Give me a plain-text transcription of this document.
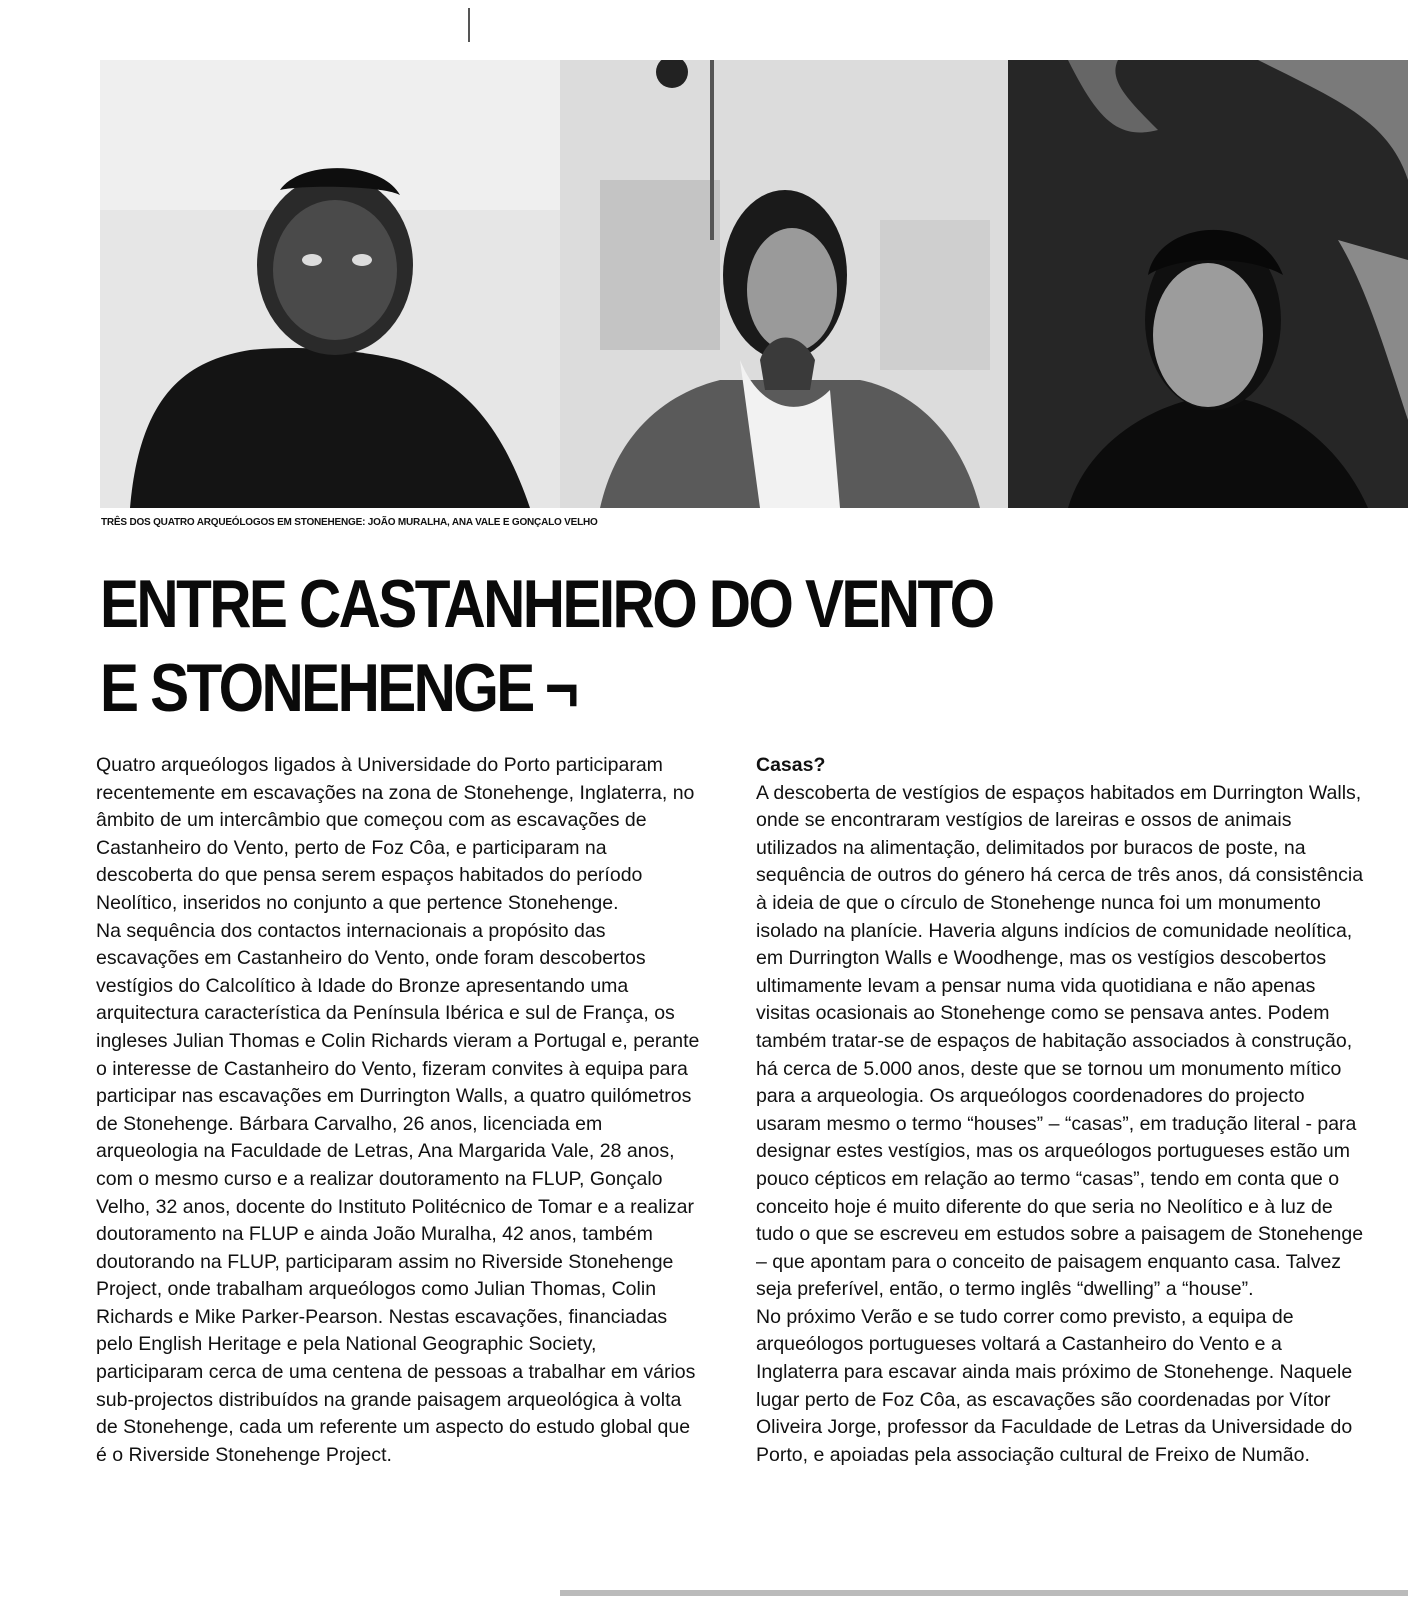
TRÊS DOS QUATRO ARQUEÓLOGOS EM STONEHENGE: JOÃO MURALHA, ANA VALE E GONÇALO VELHO
ENTRE CASTANHEIRO DO VENTO
E STONEHENGE ¬

Quatro arqueólogos ligados à Universidade do Porto participaram recentemente em escavações na zona de Stonehenge, Inglaterra, no âmbito de um intercâmbio que começou com as escavações de Castanheiro do Vento, perto de Foz Côa, e participaram na descoberta do que pensa serem espaços habitados do período Neolítico, inseridos no conjunto a que pertence Stonehenge.

Na sequência dos contactos internacionais a propósito das escavações em Castanheiro do Vento, onde foram descobertos vestígios do Calcolítico à Idade do Bronze apresentando uma arquitectura característica da Península Ibérica e sul de França, os ingleses Julian Thomas e Colin Richards vieram a Portugal e, perante o interesse de Castanheiro do Vento, fizeram convites à equipa para participar nas escavações em Durrington Walls, a quatro quilómetros de Stonehenge. Bárbara Carvalho, 26 anos, licenciada em arqueologia na Faculdade de Letras, Ana Margarida Vale, 28 anos, com o mesmo curso e a realizar doutoramento na FLUP, Gonçalo Velho, 32 anos, docente do Instituto Politécnico de Tomar e a realizar doutoramento na FLUP e ainda João Muralha, 42 anos, também doutorando na FLUP, participaram assim no Riverside Stonehenge Project, onde trabalham arqueólogos como Julian Thomas, Colin Richards e Mike Parker-Pearson. Nestas escavações, financiadas pelo English Heritage e pela National Geographic Society, participaram cerca de uma centena de pessoas a trabalhar em vários sub-projectos distribuídos na grande paisagem arqueológica à volta de Stonehenge, cada um referente um aspecto do estudo global que é o Riverside Stonehenge Project.

Casas?

A descoberta de vestígios de espaços habitados em Durrington Walls, onde se encontraram vestígios de lareiras e ossos de animais utilizados na alimentação, delimitados por buracos de poste, na sequência de outros do género há cerca de três anos, dá consistência à ideia de que o círculo de Stonehenge nunca foi um monumento isolado na planície. Haveria alguns indícios de comunidade neolítica, em Durrington Walls e Woodhenge, mas os vestígios descobertos ultimamente levam a pensar numa vida quotidiana e não apenas visitas ocasionais ao Stonehenge como se pensava antes. Podem também tratar-se de espaços de habitação associados à construção, há cerca de 5.000 anos, deste que se tornou um monumento mítico para a arqueologia. Os arqueólogos coordenadores do projecto usaram mesmo o termo “houses” – “casas”, em tradução literal - para designar estes vestígios, mas os arqueólogos portugueses estão um pouco cépticos em relação ao termo “casas”, tendo em conta que o conceito hoje é muito diferente do que seria no Neolítico e à luz de tudo o que se escreveu em estudos sobre a paisagem de Stonehenge – que apontam para o conceito de paisagem enquanto casa. Talvez seja preferível, então, o termo inglês “dwelling” a “house”.

No próximo Verão e se tudo correr como previsto, a equipa de arqueólogos portugueses voltará a Castanheiro do Vento e a Inglaterra para escavar ainda mais próximo de Stonehenge. Naquele lugar perto de Foz Côa, as escavações são coordenadas por Vítor Oliveira Jorge, professor da Faculdade de Letras da Universidade do Porto, e apoiadas pela associação cultural de Freixo de Numão.
